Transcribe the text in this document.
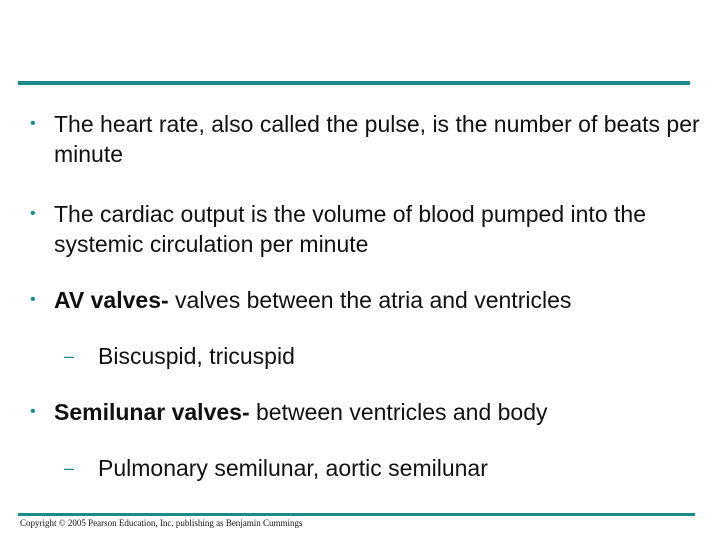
• The heart rate, also called the pulse, is the number of beats per minute
• The cardiac output is the volume of blood pumped into the systemic circulation per minute
• AV valves- valves between the atria and ventricles
– Biscuspid, tricuspid
• Semilunar valves- between ventricles and body
– Pulmonary semilunar, aortic semilunar
Copyright © 2005 Pearson Education, Inc. publishing as Benjamin Cummings
